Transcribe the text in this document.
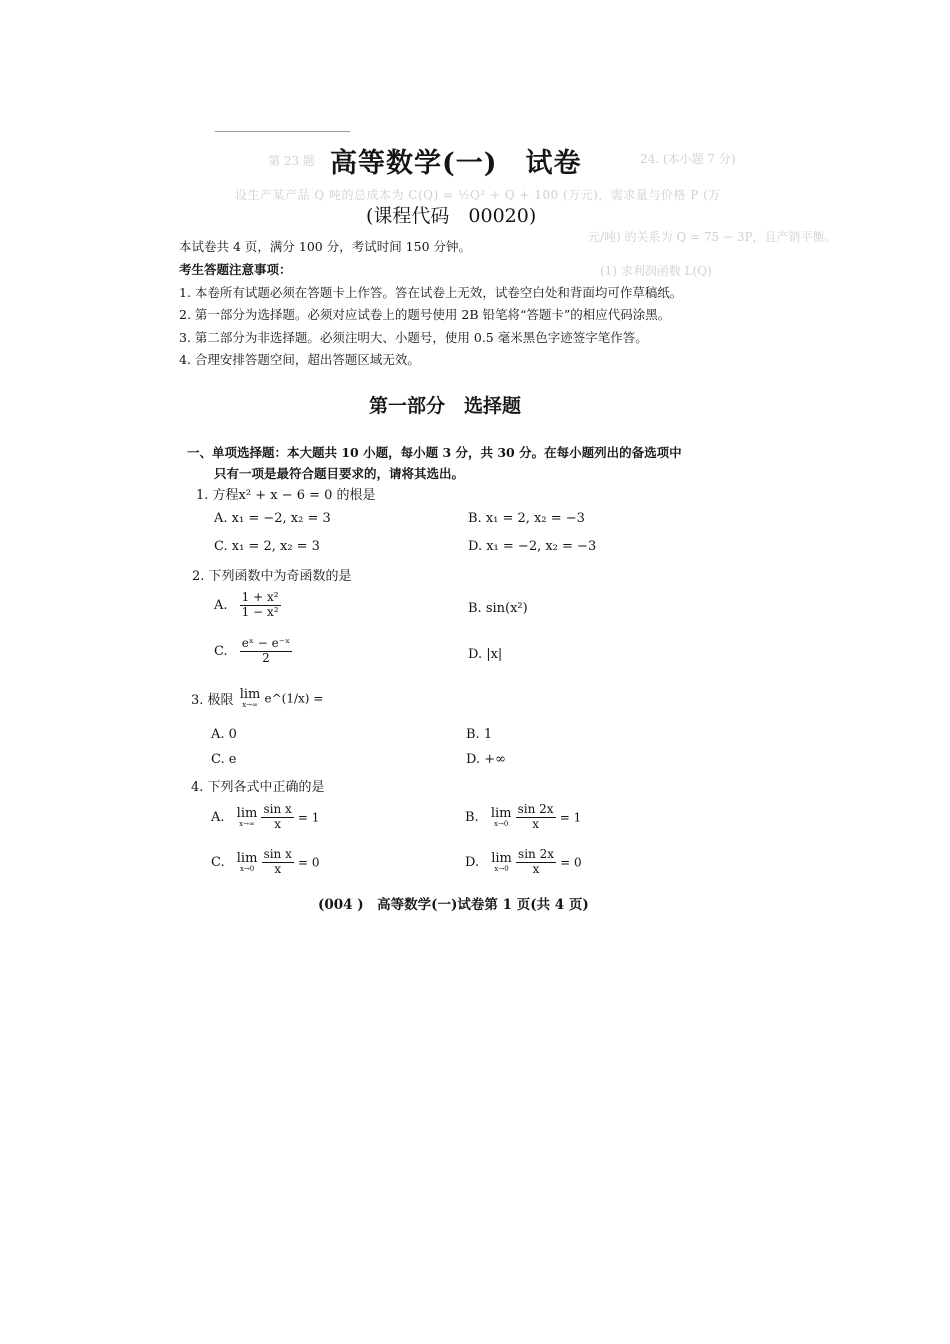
第 23 题	24. (本小题 7 分)
设生产某产品 Q 吨的总成本为 C(Q) = ½Q² + Q + 100 (万元)，需求量与价格 P (万
元/吨) 的关系为 Q = 75 − 3P，且产销平衡。
(1) 求利润函数 L(Q)
高等数学(一)　试卷
(课程代码　00020)
本试卷共 4 页，满分 100 分，考试时间 150 分钟。
考生答题注意事项：
1. 本卷所有试题必须在答题卡上作答。答在试卷上无效，试卷空白处和背面均可作草稿纸。
2. 第一部分为选择题。必须对应试卷上的题号使用 2B 铅笔将“答题卡”的相应代码涂黑。
3. 第二部分为非选择题。必须注明大、小题号，使用 0.5 毫米黑色字迹签字笔作答。
4. 合理安排答题空间，超出答题区域无效。
第一部分　选择题
一、单项选择题：本大题共 10 小题，每小题 3 分，共 30 分。在每小题列出的备选项中
只有一项是最符合题目要求的，请将其选出。
1. 方程x² + x − 6 = 0 的根是
A. x₁ = −2, x₂ = 3	B. x₁ = 2, x₂ = −3
C. x₁ = 2, x₂ = 3	D. x₁ = −2, x₂ = −3
2. 下列函数中为奇函数的是
A. $\frac{\text{1 + x²}}{\text{1 − x²}}$	B. sin(x²)
C. $\frac{\text{eˣ − e⁻ˣ}}{2}$	D. |x|
3. 极限 lim
x→∞ e^(1/x) =
A. 0	B. 1
C. e	D. +∞
4. 下列各式中正确的是
A. lim
x→∞
$\frac{\text{sin x}}{x} = 1$	B. lim
x→0
$\frac{\sin 2x}{x} = 1$
C. lim
x→0
$\frac{\text{sin x}}{x} = 0$	D. lim
x→0
$\frac{\sin 2x}{x} = 0$
(004 )　高等数学(一)试卷第 1 页(共 4 页)
